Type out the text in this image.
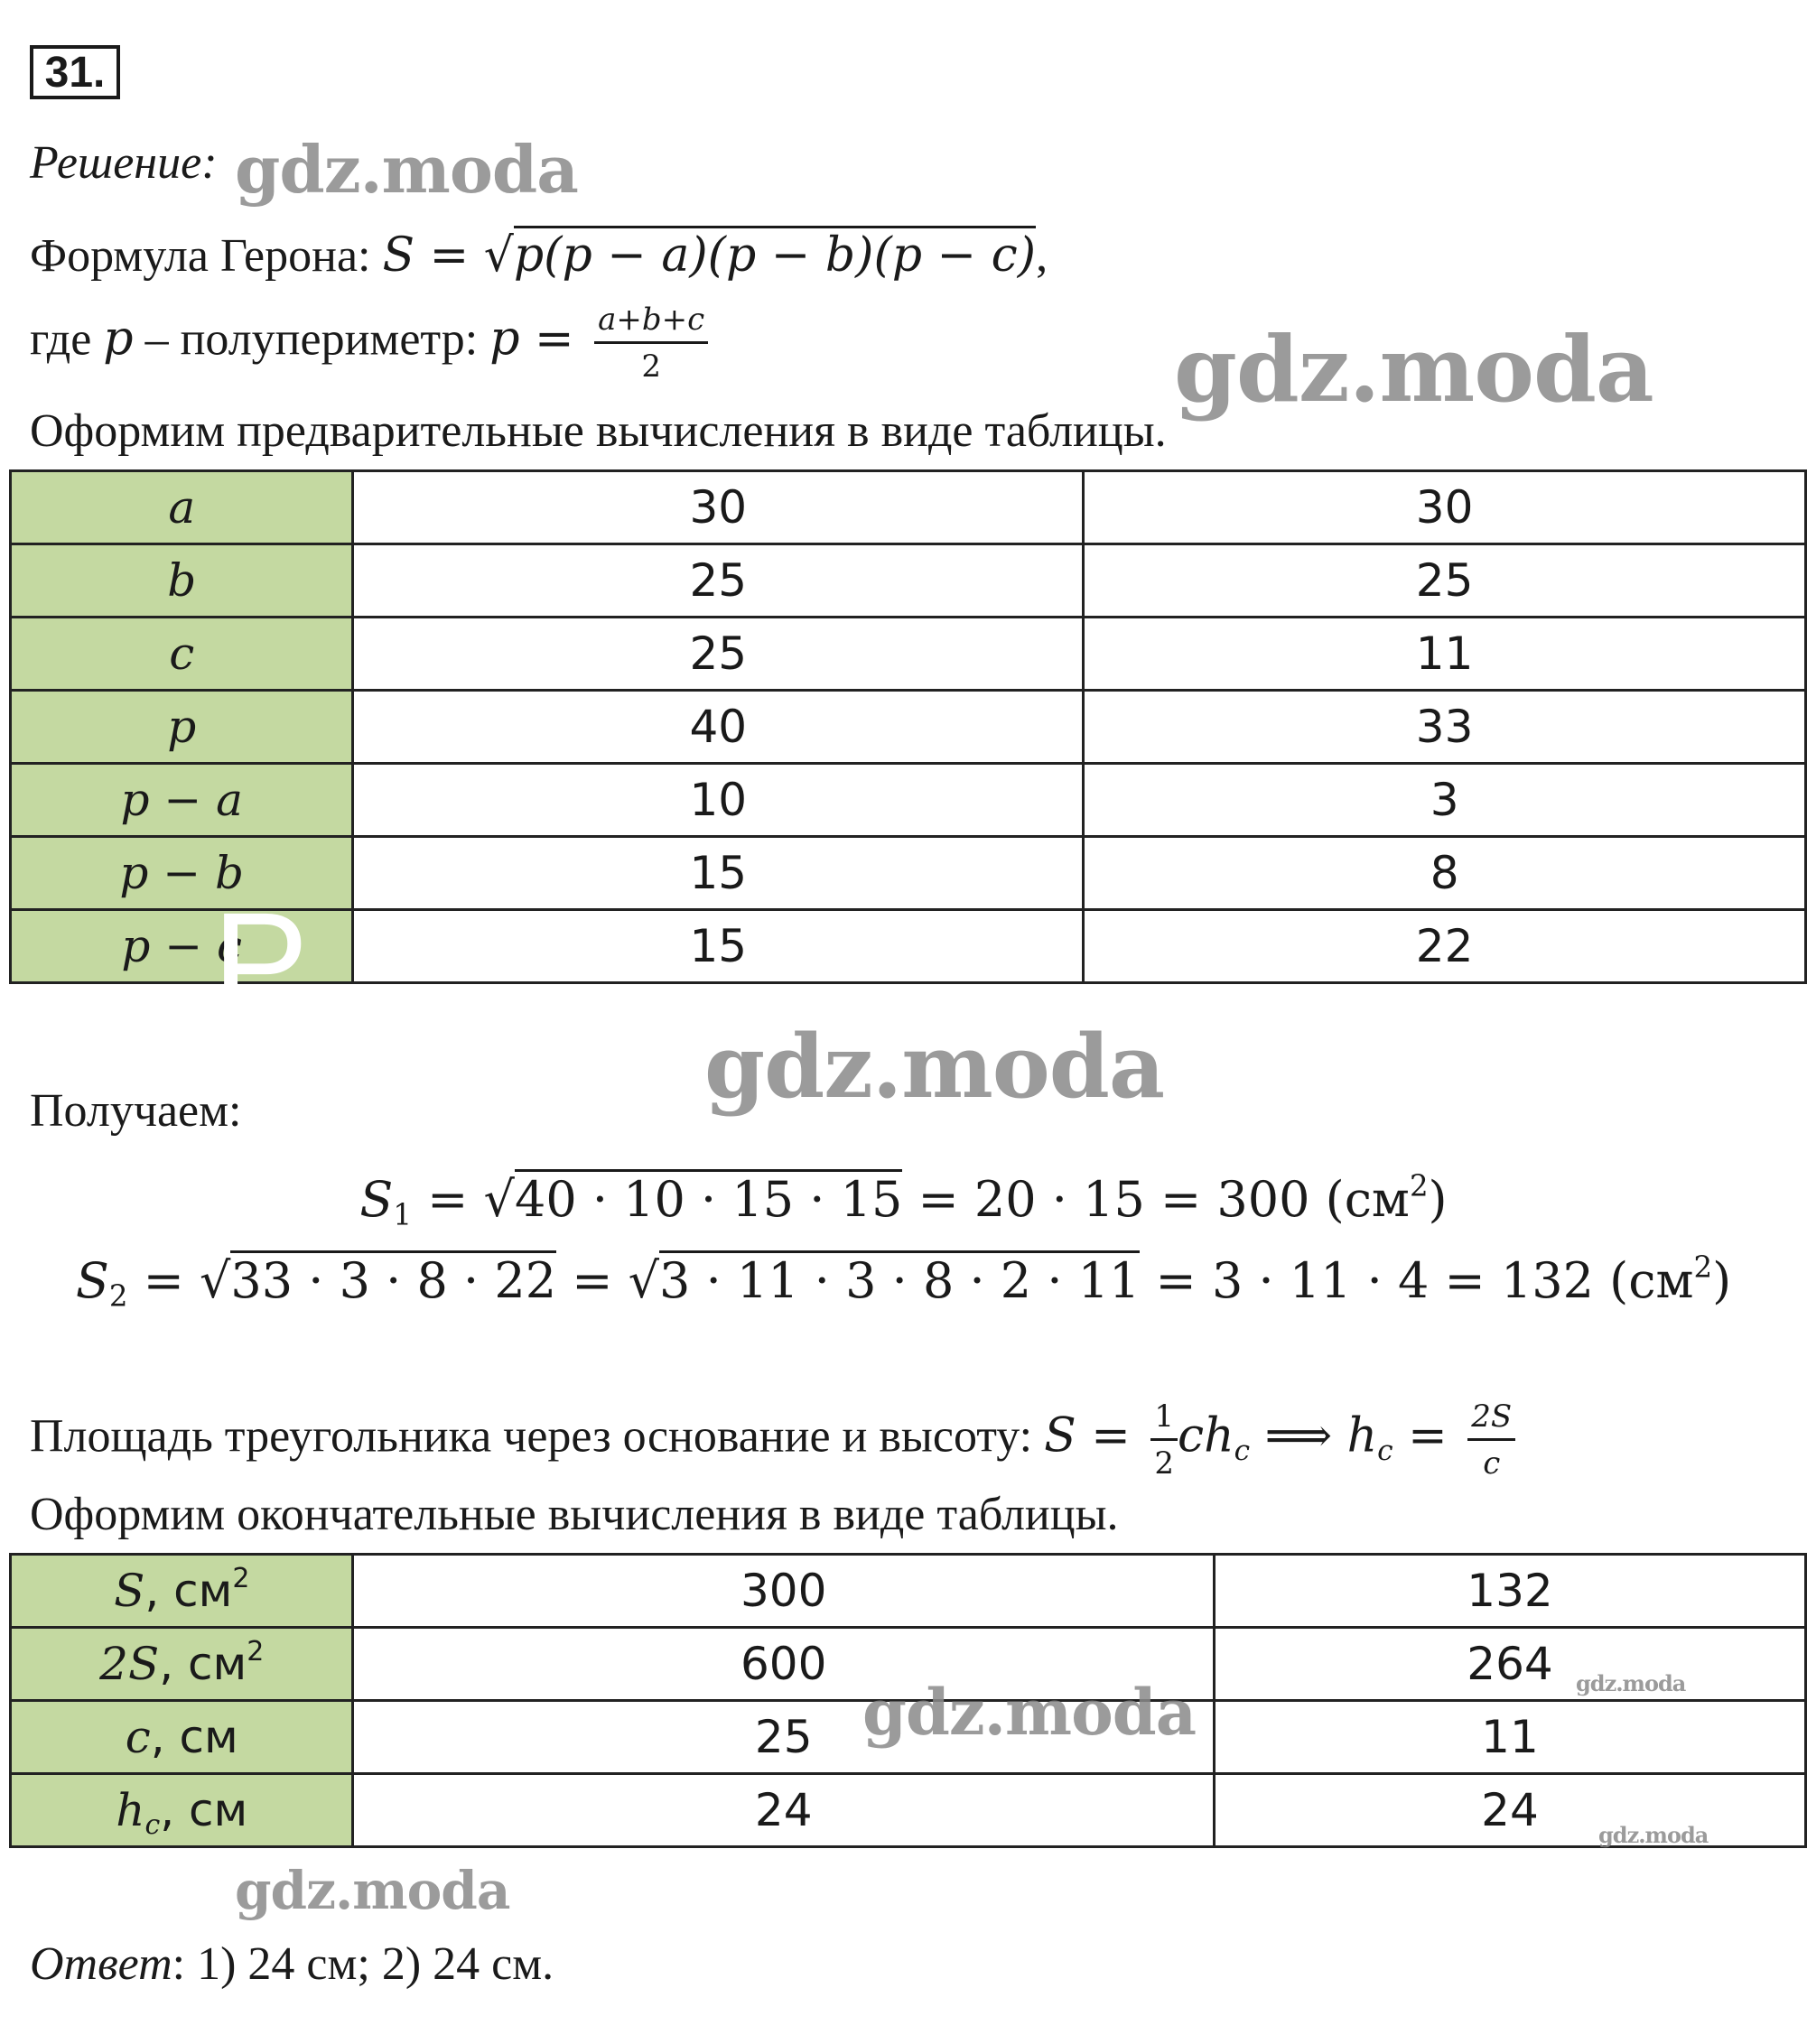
31.
Решение:
Формула Герона: S = √p(p − a)(p − b)(p − c),
где p – полупериметр: $p = \frac{a+b+c}{2}$
Оформим предварительные вычисления в виде таблицы.
a	30	30
b	25	25
c	25	11
p	40	33
p − a	10	3
p − b	15	8
p − c	15	22
P
Получаем:
$S_1 = √40 \cdot 10 \cdot 15 \cdot 15 = 20 \cdot 15 = 300$ $(см^2)$
$S_2 = √33 \cdot 3 \cdot 8 \cdot 22 = √3 \cdot 11 \cdot 3 \cdot 8 \cdot 2 \cdot 11 = 3 \cdot 11 \cdot 4 = 132$ $(см^2)$
Площадь треугольника через основание и высоту: $S = \frac{1}{2} ch_c$ ⟹ $h_c = \frac{2S}{c}$
Оформим окончательные вычисления в виде таблицы.
S, $см^2$	300	132
2S, $см^2$	600	264
c, см	25	11
$h_c$, см	24	24
gdz.moda
gdz.moda
gdz.moda
gdz.moda	gdz.moda
gdz.moda
gdz.moda
Ответ: 1) 24 см; 2) 24 см.
